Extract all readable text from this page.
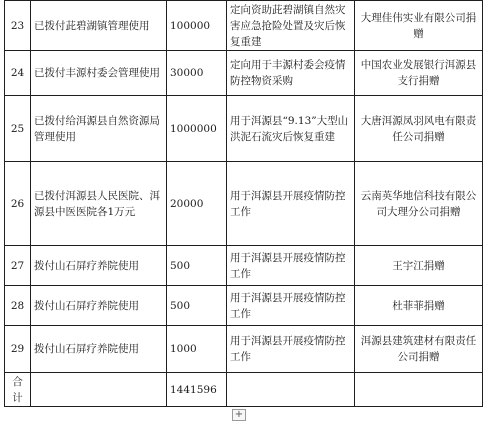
23	已拨付茈碧湖镇管理使用	100000	定向资助茈碧湖镇自然灾害应急抢险处置及灾后恢复重建	大理佳伟实业有限公司捐赠
24	已拨付丰源村委会管理使用	30000	定向用于丰源村委会疫情防控物资采购	中国农业发展银行洱源县支行捐赠
25	已拨付给洱源县自然资源局管理使用	1000000	用于洱源县“9.13”大型山洪泥石流灾后恢复重建	大唐洱源凤羽风电有限责任公司捐赠
26	已拨付洱源县人民医院、洱源县中医医院各1万元	20000	用于洱源县开展疫情防控工作	云南英华地信科技有限公司大理分公司捐赠
27	拨付山石屏疗养院使用	500	用于洱源县开展疫情防控工作	王宇江捐赠
28	拨付山石屏疗养院使用	500	用于洱源县开展疫情防控工作	杜菲菲捐赠
29	拨付山石屏疗养院使用	1000	用于洱源县开展疫情防控工作	洱源县建筑建材有限责任公司捐赠
合计		1441596		
+
